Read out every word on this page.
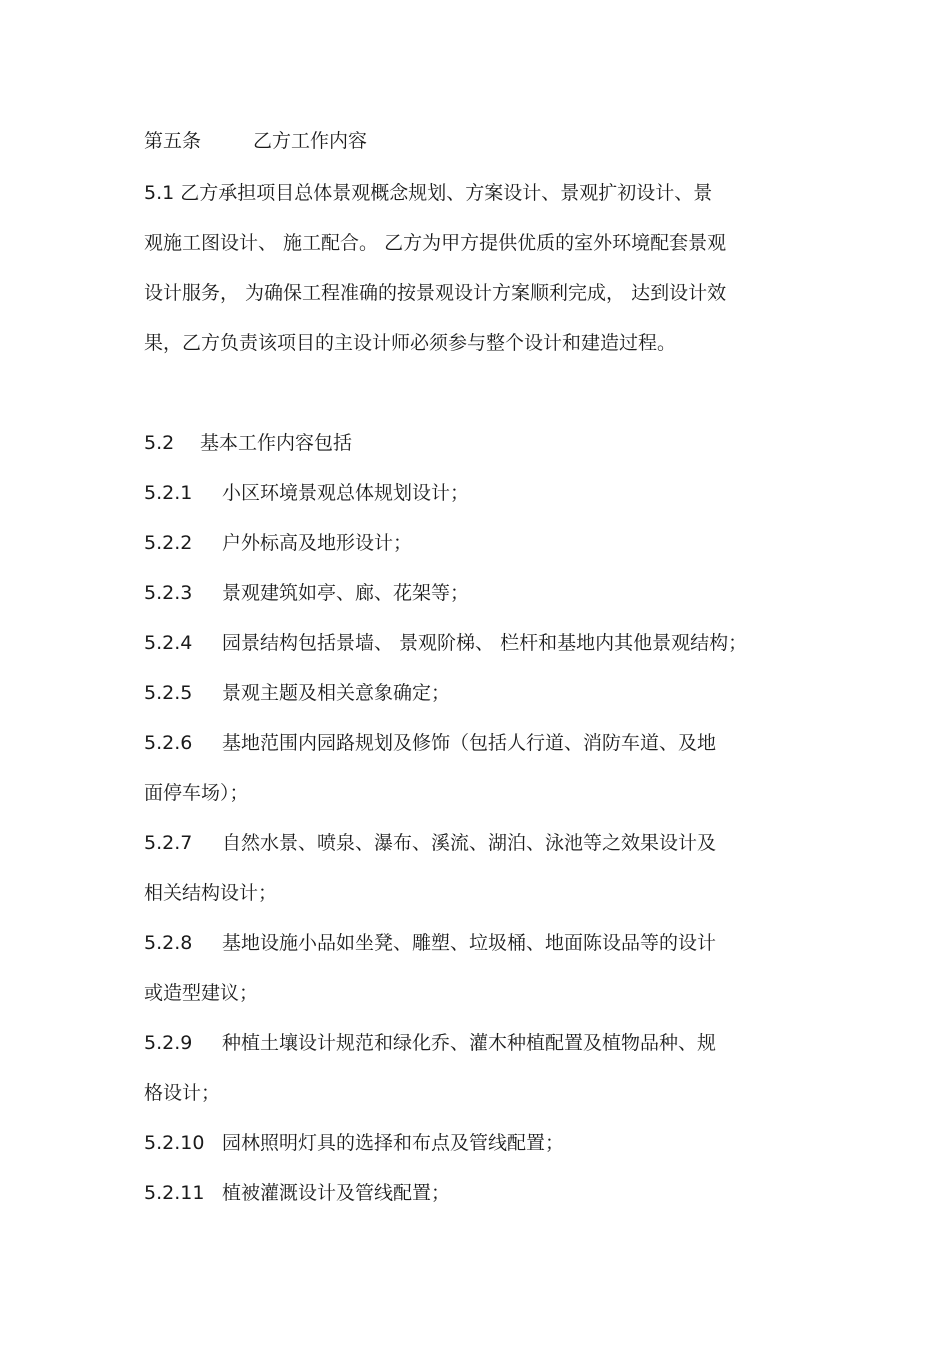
第五条	乙方工作内容
5.1 乙方承担项目总体景观概念规划、方案设计、景观扩初设计、景
观施工图设计、 施工配合。 乙方为甲方提供优质的室外环境配套景观
设计服务， 为确保工程准确的按景观设计方案顺利完成， 达到设计效
果，乙方负责该项目的主设计师必须参与整个设计和建造过程。
5.2 基本工作内容包括
5.2.1 小区环境景观总体规划设计；
5.2.2 户外标高及地形设计；
5.2.3 景观建筑如亭、廊、花架等；
5.2.4 园景结构包括景墙、 景观阶梯、 栏杆和基地内其他景观结构；
5.2.5 景观主题及相关意象确定；
5.2.6 基地范围内园路规划及修饰（包括人行道、消防车道、及地
面停车场）；
5.2.7 自然水景、喷泉、瀑布、溪流、湖泊、泳池等之效果设计及
相关结构设计；
5.2.8 基地设施小品如坐凳、雕塑、垃圾桶、地面陈设品等的设计
或造型建议；
5.2.9 种植土壤设计规范和绿化乔、灌木种植配置及植物品种、规
格设计；
5.2.10 园林照明灯具的选择和布点及管线配置；
5.2.11 植被灌溉设计及管线配置；
